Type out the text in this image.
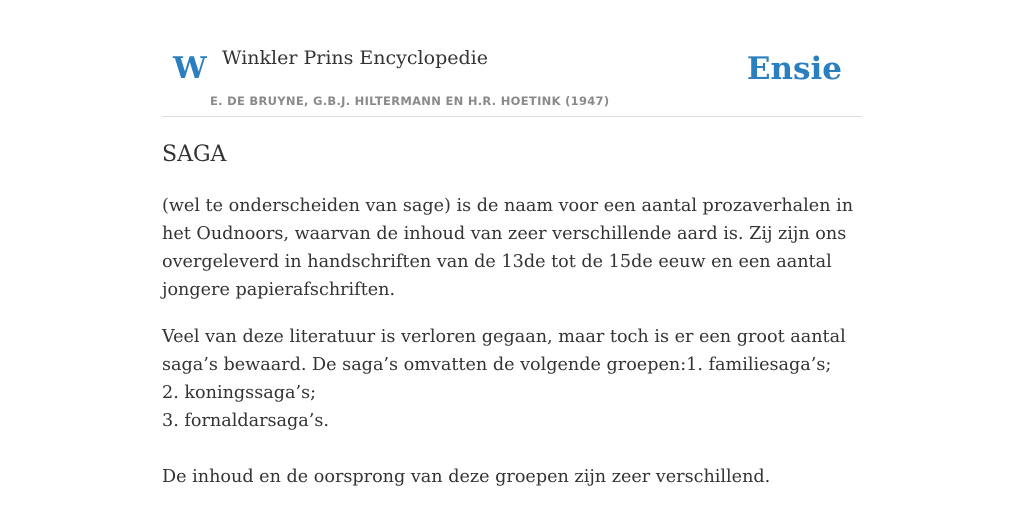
W Winkler Prins Encyclopedie
E. DE BRUYNE, G.B.J. HILTERMANN EN H.R. HOETINK (1947)
Ensie
SAGA

(wel te onderscheiden van sage) is de naam voor een aantal prozaverhalen in het Oudnoors, waarvan de inhoud van zeer verschillende aard is. Zij zijn ons overgeleverd in handschriften van de 13de tot de 15de eeuw en een aantal jongere papierafschriften.

Veel van deze literatuur is verloren gegaan, maar toch is er een groot aantal saga’s bewaard. De saga’s omvatten de volgende groepen:1. familiesaga’s;
2. koningssaga’s;
3. fornaldarsaga’s.

De inhoud en de oorsprong van deze groepen zijn zeer verschillend.
